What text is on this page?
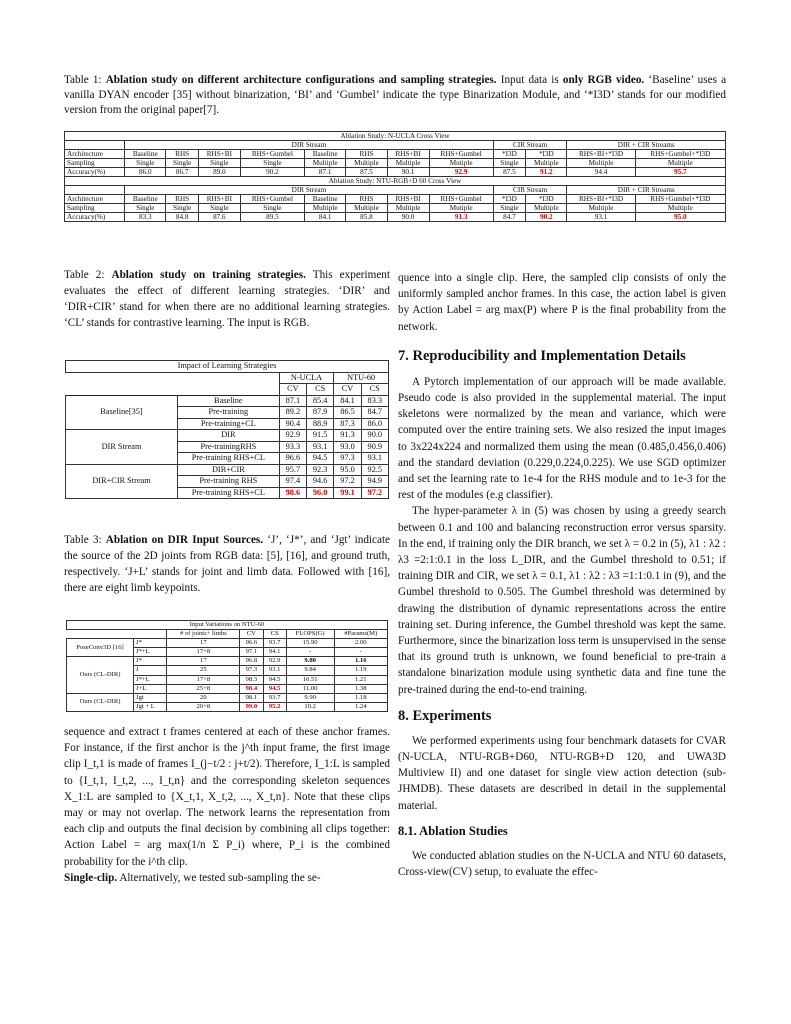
Table 1: Ablation study on different architecture configurations and sampling strategies. Input data is only RGB video. ‘Baseline’ uses a vanilla DYAN encoder [35] without binarization, ‘BI’ and ‘Gumbel’ indicate the type Binarization Module, and ‘*I3D’ stands for our modified version from the original paper[7].

Ablation Study: N-UCLA Cross View												
	DIR Stream								CIR Stream		DIR + CIR Streams	
Architecture	Baseline	RHS	RHS+BI	RHS+Gumbel	Baseline	RHS	RHS+BI	RHS+Gumbel	*I3D	*I3D	RHS+BI+*I3D	RHS+Gumbel+*I3D
Sampling	Single	Single	Single	Single	Multiple	Multiple	Multiple	Mutiple	Single	Multiple	Multiple	Multiple
Accuracy(%)	86.0	86.7	89.0	90.2	87.1	87.5	90.1	92.9	87.5	91.2	94.4	95.7
Ablation Study: NTU-RGB+D 60 Cross View												
	DIR Stream								CIR Stream		DIR + CIR Streams	
Architecture	Baseline	RHS	RHS+BI	RHS+Gumbel	Baseline	RHS	RHS+BI	RHS+Gumbel	*I3D	*I3D	RHS+BI+*I3D	RHS+Gumbel+*I3D
Sampling	Single	Single	Single	Single	Multiple	Multiple	Multiple	Mutiple	Single	Multiple	Multiple	Multiple
Accuracy(%)	83.3	84.8	87.6	89.5	84.1	85.8	90.0	91.3	84.7	90.2	93.1	95.0

Table 2: Ablation study on training strategies. This experiment evaluates the effect of different learning strategies. ‘DIR’ and ‘DIR+CIR’ stand for when there are no additional learning strategies. ‘CL’ stands for contrastive learning. The input is RGB.

Impact of Learning Strategies					
		N-UCLA		NTU-60	
		CV	CS	CV	CS
Baseline[35]	Baseline	87.1	85.4	84.1	83.3
	Pre-training	89.2	87.9	86.5	84.7
	Pre-training+CL	90.4	88.9	87.3	86.0
DIR Stream	DIR	92.9	91.5	91.3	90.0
	Pre-trainingRHS	93.3	93.1	93.0	90.9
	Pre-training RHS+CL	96.6	94.5	97.3	93.1
DIR+CIR Stream	DIR+CIR	95.7	92.3	95.0	92.5
	Pre-training RHS	97.4	94.6	97.2	94.9
	Pre-training RHS+CL	98.6	96.0	99.1	97.2

Table 3: Ablation on DIR Input Sources. ‘J’, ‘J*’, and ‘Jgt’ indicate the source of the 2D joints from RGB data: [5], [16], and ground truth, respectively. ‘J+L’ stands for joint and limb data. Followed with [16], there are eight limb keypoints.

Input Variations on NTU-60						
		# of joints+ limbs	CV	CS	FLOPS(G)	#Params(M)
PoseConv3D [16]	J*	17	96.6	93.7	15.90	2.00
	J*+L	17+8	97.1	94.1	-	-
Ours (CL-DIR)	J*	17	96.8	92.9	9.80	1.16
	J	25	97.3	93.1	9.84	1.19
	J*+L	17+8	98.3	94.5	10.51	1.21
	J+L	25+8	98.4	94.5	11.00	1.38
Ours (CL-DIR)	Jgt	20	98.1	93.7	9.90	1.18
	Jgt + L	20+8	99.0	95.2	10.2	1.24

sequence and extract t frames centered at each of these anchor frames. For instance, if the first anchor is the j^th input frame, the first image clip I_t,1 is made of frames I_(j−t/2 : j+t/2). Therefore, I_1:L is sampled to {I_t,1, I_t,2, ..., I_t,n} and the corresponding skeleton sequences X_1:L are sampled to {X_t,1, X_t,2, ..., X_t,n}. Note that these clips may or may not overlap. The network learns the representation from each clip and outputs the final decision by combining all clips together: Action Label = arg max(1/n Σ P_i) where, P_i is the combined probability for the i^th clip.

Single-clip. Alternatively, we tested sub-sampling the se-

quence into a single clip. Here, the sampled clip consists of only the uniformly sampled anchor frames. In this case, the action label is given by Action Label = arg max(P) where P is the final probability from the network.

7. Reproducibility and Implementation Details

A Pytorch implementation of our approach will be made available. Pseudo code is also provided in the supplemental material. The input skeletons were normalized by the mean and variance, which were computed over the entire training sets. We also resized the input images to 3x224x224 and normalized them using the mean (0.485,0.456,0.406) and the standard deviation (0.229,0.224,0.225). We use SGD optimizer and set the learning rate to 1e-4 for the RHS module and to 1e-3 for the rest of the modules (e.g classifier).

The hyper-parameter λ in (5) was chosen by using a greedy search between 0.1 and 100 and balancing reconstruction error versus sparsity. In the end, if training only the DIR branch, we set λ = 0.2 in (5), λ1 : λ2 : λ3 =2:1:0.1 in the loss L_DIR, and the Gumbel threshold to 0.51; if training DIR and CIR, we set λ = 0.1, λ1 : λ2 : λ3 =1:1:0.1 in (9), and the Gumbel threshold to 0.505. The Gumbel threshold was determined by drawing the distribution of dynamic representations across the entire training set. During inference, the Gumbel threshold was kept the same. Furthermore, since the binarization loss term is unsupervised in the sense that its ground truth is unknown, we found beneficial to pre-train a standalone binarization module using synthetic data and fine tune the pre-trained during the end-to-end training.

8. Experiments

We performed experiments using four benchmark datasets for CVAR (N-UCLA, NTU-RGB+D60, NTU-RGB+D 120, and UWA3D Multiview II) and one dataset for single view action detection (sub-JHMDB). These datasets are described in detail in the supplemental material.

8.1. Ablation Studies

We conducted ablation studies on the N-UCLA and NTU 60 datasets, Cross-view(CV) setup, to evaluate the effec-
